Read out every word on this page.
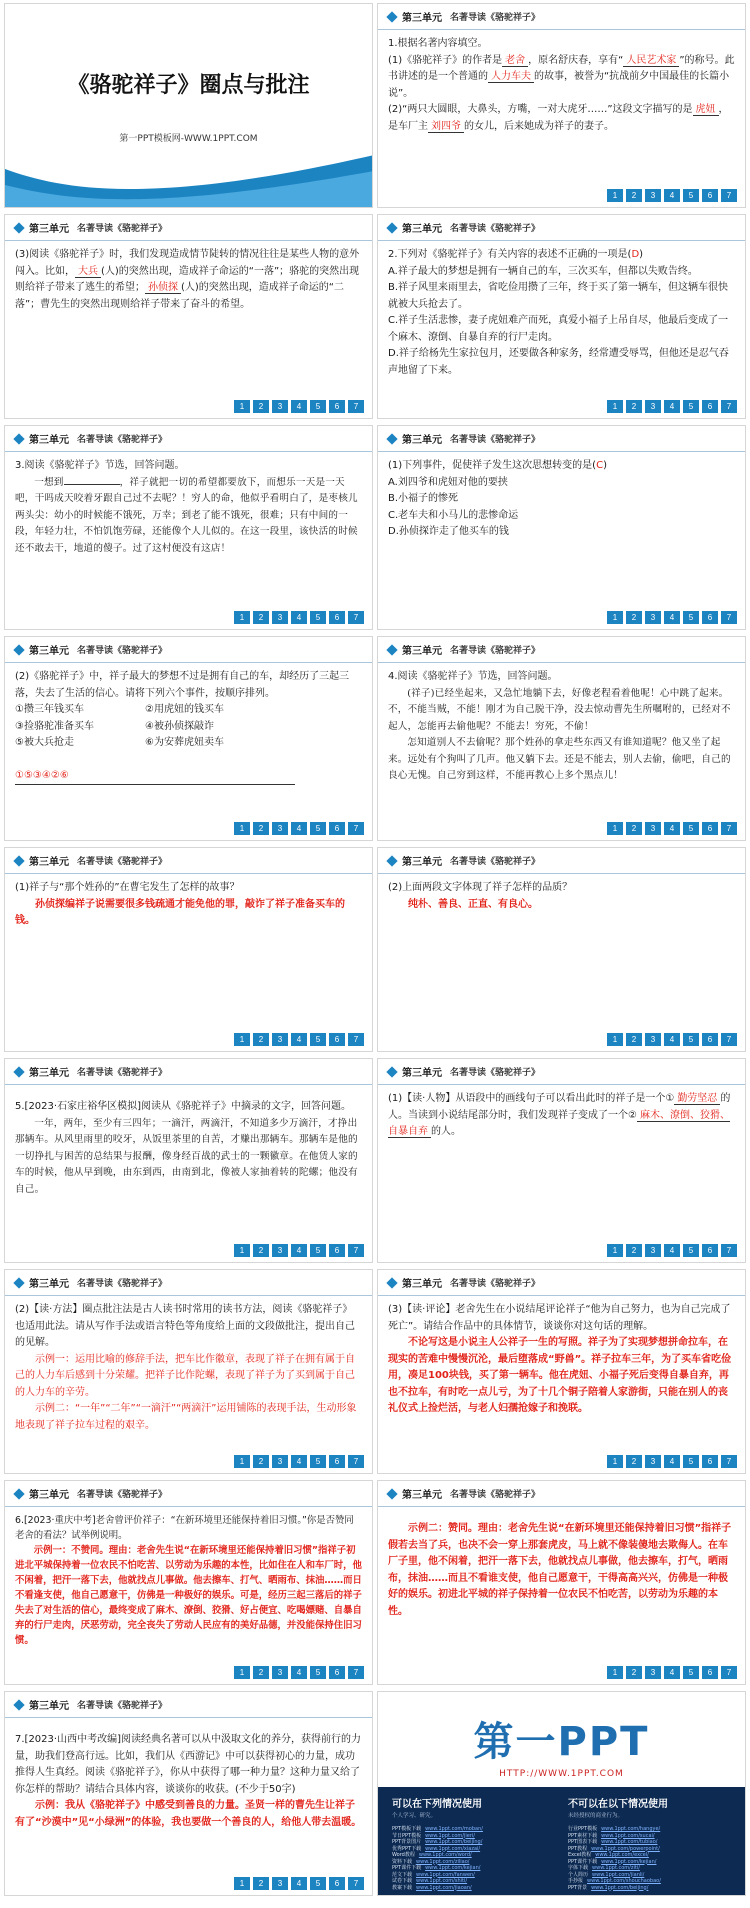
《骆驼祥子》圈点与批注
第一PPT模板网-WWW.1PPT.COM
第三单元 名著导读《骆驼祥子》

1.根据名著内容填空。

(1)《骆驼祥子》的作者是 老舍 ，原名舒庆春，享有“ 人民艺术家 ”的称号。此书讲述的是一个普通的 人力车夫 的故事，被誉为“抗战前夕中国最佳的长篇小说”。

(2)“两只大圆眼，大鼻头，方嘴，一对大虎牙……”这段文字描写的是 虎妞 ，是车厂主 刘四爷 的女儿，后来她成为祥子的妻子。

1	2	3	4	5	6	7
第三单元 名著导读《骆驼祥子》

(3)阅读《骆驼祥子》时，我们发现造成情节陡转的情况往往是某些人物的意外闯入。比如， 大兵 (人)的突然出现，造成祥子命运的“一落”；骆驼的突然出现则给祥子带来了逃生的希望； 孙侦探 (人)的突然出现，造成祥子命运的“二落”；曹先生的突然出现则给祥子带来了奋斗的希望。

1	2	3	4	5	6	7
第三单元 名著导读《骆驼祥子》

2.下列对《骆驼祥子》有关内容的表述不正确的一项是(D)

A.祥子最大的梦想是拥有一辆自己的车，三次买车，但都以失败告终。

B.祥子风里来雨里去，省吃俭用攒了三年，终于买了第一辆车，但这辆车很快就被大兵抢去了。

C.祥子生活悲惨，妻子虎妞难产而死，真爱小福子上吊自尽，他最后变成了一个麻木、潦倒、自暴自弃的行尸走肉。

D.祥子给杨先生家拉包月，还要做各种家务，经常遭受辱骂，但他还是忍气吞声地留了下来。

1	2	3	4	5	6	7
第三单元 名著导读《骆驼祥子》

3.阅读《骆驼祥子》节选，回答问题。

一想到	，祥子就把一切的希望都要放下，而想乐一天是一天吧，干吗成天咬着牙跟自己过不去呢？！穷人的命，他似乎看明白了，是枣核儿两头尖：幼小的时候能不饿死，万幸；到老了能不饿死，很难；只有中间的一段，年轻力壮，不怕饥饱劳碌，还能像个人儿似的。在这一段里，该快活的时候还不敢去干，地道的傻子。过了这村便没有这店！

1	2	3	4	5	6	7
第三单元 名著导读《骆驼祥子》

(1)下列事件，促使祥子发生这次思想转变的是(C)

A.刘四爷和虎妞对他的要挟

B.小福子的惨死

C.老车夫和小马儿的悲惨命运

D.孙侦探诈走了他买车的钱

1	2	3	4	5	6	7
第三单元 名著导读《骆驼祥子》

(2)《骆驼祥子》中，祥子最大的梦想不过是拥有自己的车，却经历了三起三落，失去了生活的信心。请将下列六个事件，按顺序排列。

①攒三年钱买车	②用虎妞的钱买车

③捡骆驼准备买车	④被孙侦探敲诈

⑤被大兵抢走	⑥为安葬虎妞卖车

①⑤③④②⑥

1	2	3	4	5	6	7
第三单元 名著导读《骆驼祥子》

4.阅读《骆驼祥子》节选，回答问题。

(祥子)已经坐起来，又急忙地躺下去，好像老程看着他呢！心中跳了起来。不，不能当贼，不能！刚才为自己脱干净，没去惊动曹先生所嘱咐的，已经对不起人，怎能再去偷他呢？不能去！穷死，不偷！

怎知道别人不去偷呢？那个姓孙的拿走些东西又有谁知道呢？他又坐了起来。远处有个狗叫了几声。他又躺下去。还是不能去，别人去偷，偷吧，自己的良心无愧。自己穷到这样，不能再教心上多个黑点儿！

1	2	3	4	5	6	7
第三单元 名著导读《骆驼祥子》

(1)祥子与“那个姓孙的”在曹宅发生了怎样的故事？

孙侦探编祥子说需要很多钱疏通才能免他的罪，敲诈了祥子准备买车的钱。

1	2	3	4	5	6	7
第三单元 名著导读《骆驼祥子》

(2)上面两段文字体现了祥子怎样的品质？

纯朴、善良、正直、有良心。

1	2	3	4	5	6	7
第三单元 名著导读《骆驼祥子》

5.[2023·石家庄裕华区模拟]阅读从《骆驼祥子》中摘录的文字，回答问题。

一年，两年，至少有三四年；一滴汗，两滴汗，不知道多少万滴汗，才挣出那辆车。从风里雨里的咬牙，从饭里茶里的自苦，才赚出那辆车。那辆车是他的一切挣扎与困苦的总结果与报酬，像身经百战的武士的一颗徽章。在他赁人家的车的时候，他从早到晚，由东到西，由南到北，像被人家抽着转的陀螺；他没有自己。

1	2	3	4	5	6	7
第三单元 名著导读《骆驼祥子》

(1)【读·人物】从语段中的画线句子可以看出此时的祥子是一个① 勤劳坚忍 的人。当读到小说结尾部分时，我们发现祥子变成了一个② 麻木、潦倒、狡猾、自暴自弃 的人。

1	2	3	4	5	6	7
第三单元 名著导读《骆驼祥子》

(2)【读·方法】圈点批注法是古人读书时常用的读书方法，阅读《骆驼祥子》也适用此法。请从写作手法或语言特色等角度给上面的文段做批注，提出自己的见解。

示例一：运用比喻的修辞手法，把车比作徽章，表现了祥子在拥有属于自己的人力车后感到十分荣耀。把祥子比作陀螺，表现了祥子为了买到属于自己的人力车的辛劳。

示例二：“一年”“二年”“一滴汗”“两滴汗”运用铺陈的表现手法，生动形象地表现了祥子拉车过程的艰辛。

1	2	3	4	5	6	7
第三单元 名著导读《骆驼祥子》

(3)【读·评论】老舍先生在小说结尾评论祥子“他为自己努力，也为自己完成了死亡”。请结合作品中的具体情节，谈谈你对这句话的理解。

不论写这是小说主人公祥子一生的写照。祥子为了实现梦想拼命拉车，在现实的苦难中慢慢沉沦，最后堕落成“野兽”。祥子拉车三年，为了买车省吃俭用，凑足100块钱，买了第一辆车。他在虎妞、小福子死后变得自暴自弃，再也不拉车，有时吃一点儿亏，为了十几个铜子陪着人家游街，只能在别人的丧礼仪式上捡烂活，与老人妇孺抢嫁子和挽联。

1	2	3	4	5	6	7
第三单元 名著导读《骆驼祥子》

6.[2023·重庆中考]老舍曾评价祥子：“在新环境里还能保持着旧习惯。”你是否赞同老舍的看法？试举例说明。

示例一：不赞同。理由：老舍先生说“在新环境里还能保持着旧习惯”指祥子初进北平城保持着一位农民不怕吃苦、以劳动为乐趣的本性，比如住在人和车厂时，他不闲着，把汗一落下去，他就找点儿事做。他去擦车、打气、晒雨布、抹油……而日不看逢支使，他自己愿意干，仿佛是一种极好的娱乐。可是，经历三起三落后的祥子失去了对生活的信心，最终变成了麻木、潦倒、狡猾、好占便宜、吃喝嫖赌、自暴自弃的行尸走肉，厌恶劳动，完全丧失了劳动人民应有的美好品德，并没能保持住旧习惯。

1	2	3	4	5	6	7
第三单元 名著导读《骆驼祥子》

示例二：赞同。理由：老舍先生说“在新环境里还能保持着旧习惯”指祥子假若去当了兵，也决不会一穿上那套虎皮，马上就不像装傻地去欺侮人。在车厂子里，他不闲着，把汗一落下去，他就找点儿事做，他去擦车，打气，晒雨布，抹油……而且不看谁支使，他自己愿意干，干得高高兴兴，仿佛是一种极好的娱乐。初进北平城的祥子保持着一位农民不怕吃苦，以劳动为乐趣的本性。

1	2	3	4	5	6	7
第三单元 名著导读《骆驼祥子》

7.[2023·山西中考改编]阅读经典名著可以从中汲取文化的养分，获得前行的力量，助我们登高行远。比如，我们从《西游记》中可以获得初心的力量，成功推得人生真经。阅读《骆驼祥子》，你从中获得了哪一种力量？这种力量又给了你怎样的帮助？请结合具体内容，谈谈你的收获。(不少于50字)

示例：我从《骆驼祥子》中感受到善良的力量。圣贤一样的曹先生让祥子有了“沙漠中”见“小绿洲”的体验，我也要做一个善良的人，给他人带去温暖。

1	2	3	4	5	6	7
第一PPT
HTTP://WWW.1PPT.COM
可以在下列情况使用
个人学习、研究。
PPT模板下载 www.1ppt.com/moban/
节日PPT模板 www.1ppt.com/jieri/
PPT背景图片 www.1ppt.com/beijing/
优秀PPT下载 www.1ppt.com/xiazai/
Word教程 www.1ppt.com/word/
资料下载 www.1ppt.com/ziliao/
PPT课件下载 www.1ppt.com/kejian/
范文下载 www.1ppt.com/fanwen/
试卷下载 www.1ppt.com/shiti/
教案下载 www.1ppt.com/jiaoan/
不可以在以下情况使用
未经授权的商业行为。
行业PPT模板 www.1ppt.com/hangye/
PPT素材下载 www.1ppt.com/sucai/
PPT图表下载 www.1ppt.com/tubiao/
PPT教程 www.1ppt.com/powerpoint/
Excel教程 www.1ppt.com/excel/
PPT课件下载 www.1ppt.com/kejian/
字体下载 www.1ppt.com/ziti/
个人简历 www.1ppt.com/jianli/
手抄报 www.1ppt.com/shouchaobao/
PPT背景 www.1ppt.com/beijing/
